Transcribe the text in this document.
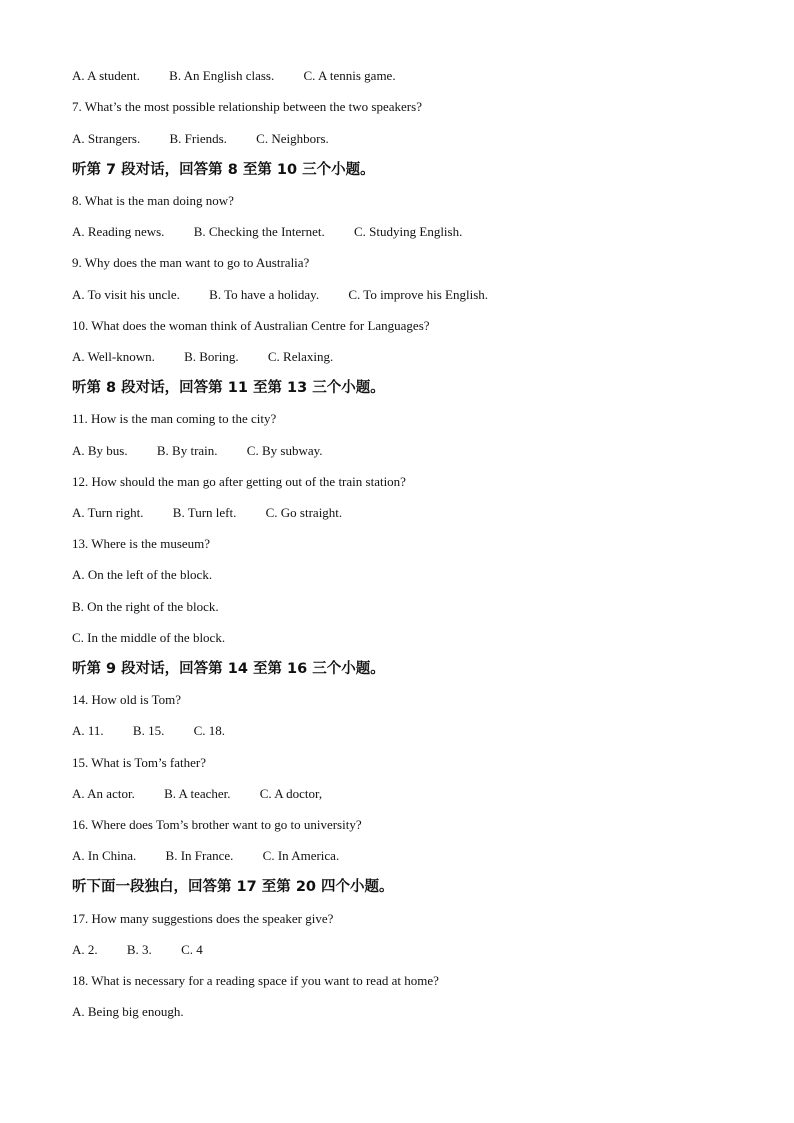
A. A student. B. An English class. C. A tennis game.
7. What’s the most possible relationship between the two speakers?
A. Strangers. B. Friends. C. Neighbors.
听第 7 段对话，回答第 8 至第 10 三个小题。
8. What is the man doing now?
A. Reading news. B. Checking the Internet. C. Studying English.
9. Why does the man want to go to Australia?
A. To visit his uncle. B. To have a holiday. C. To improve his English.
10. What does the woman think of Australian Centre for Languages?
A. Well-known. B. Boring. C. Relaxing.
听第 8 段对话，回答第 11 至第 13 三个小题。
11. How is the man coming to the city?
A. By bus. B. By train. C. By subway.
12. How should the man go after getting out of the train station?
A. Turn right. B. Turn left. C. Go straight.
13. Where is the museum?
A. On the left of the block.
B. On the right of the block.
C. In the middle of the block.
听第 9 段对话，回答第 14 至第 16 三个小题。
14. How old is Tom?
A. 11. B. 15. C. 18.
15. What is Tom’s father?
A. An actor. B. A teacher. C. A doctor,
16. Where does Tom’s brother want to go to university?
A. In China. B. In France. C. In America.
听下面一段独白，回答第 17 至第 20 四个小题。
17. How many suggestions does the speaker give?
A. 2. B. 3. C. 4
18. What is necessary for a reading space if you want to read at home?
A. Being big enough.
